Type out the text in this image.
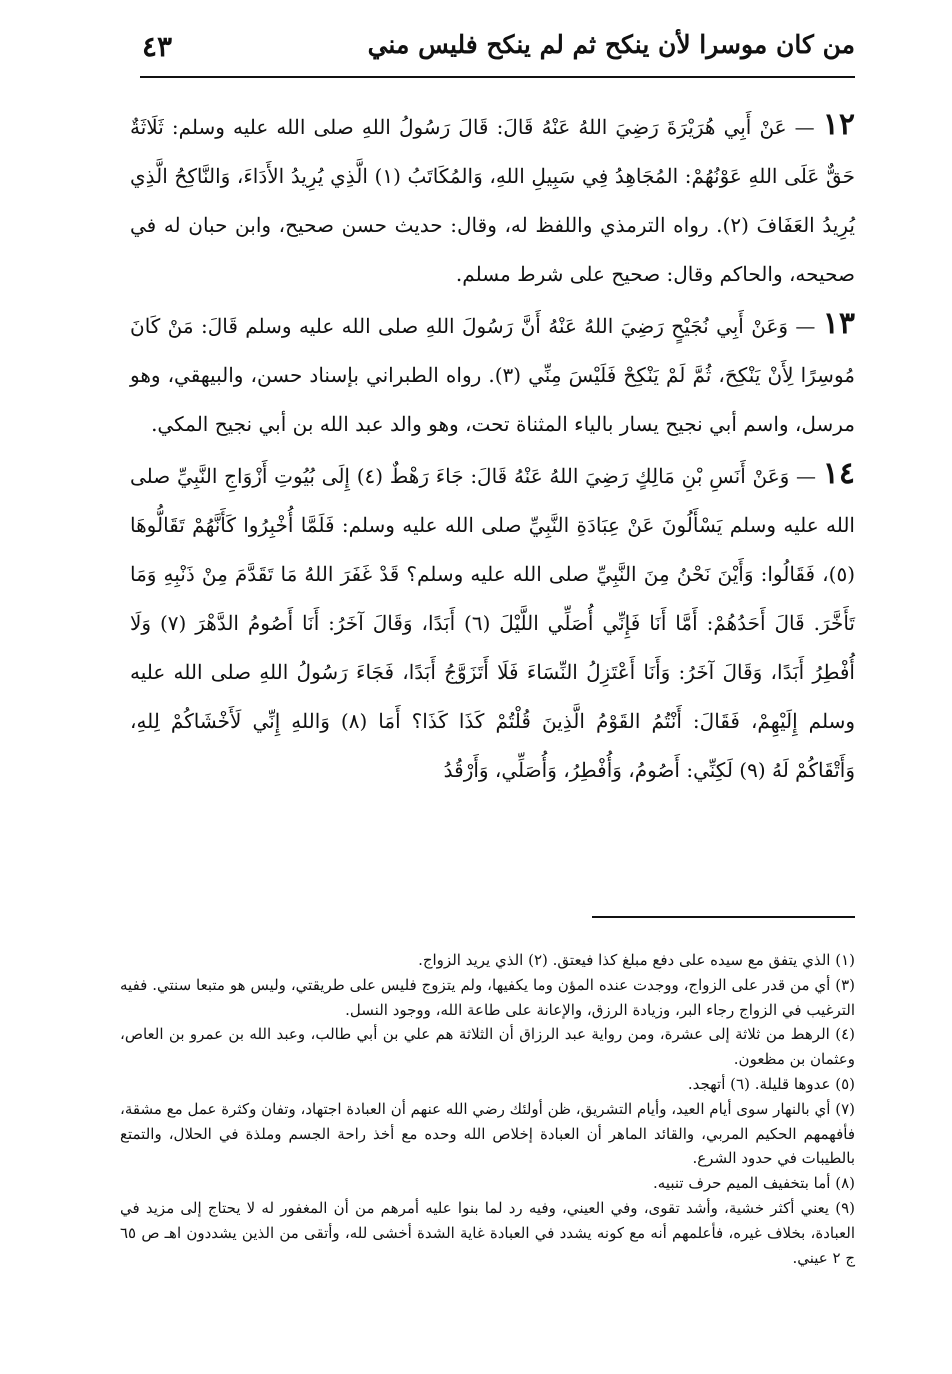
٤٣	من كان موسرا لأن ينكح ثم لم ينكح فليس مني

١٢ — عَنْ أَبِي هُرَيْرَةَ رَضِيَ اللهُ عَنْهُ قَالَ: قَالَ رَسُولُ اللهِ صلى الله عليه وسلم: ثَلَاثَةٌ حَقٌّ عَلَى اللهِ عَوْنُهُمْ: المُجَاهِدُ فِي سَبِيلِ اللهِ، وَالمُكَاتَبُ (١) الَّذِي يُرِيدُ الأَدَاءَ، وَالنَّاكِحُ الَّذِي يُرِيدُ العَفَافَ (٢). رواه الترمذي واللفظ له، وقال: حديث حسن صحيح، وابن حبان له في صحيحه، والحاكم وقال: صحيح على شرط مسلم.

١٣ — وَعَنْ أَبِي نُجَيْحٍ رَضِيَ اللهُ عَنْهُ أَنَّ رَسُولَ اللهِ صلى الله عليه وسلم قَالَ: مَنْ كَانَ مُوسِرًا لِأَنْ يَنْكِحَ، ثُمَّ لَمْ يَنْكِحْ فَلَيْسَ مِنِّي (٣). رواه الطبراني بإسناد حسن، والبيهقي، وهو مرسل، واسم أبي نجيح يسار بالياء المثناة تحت، وهو والد عبد الله بن أبي نجيح المكي.

١٤ — وَعَنْ أَنَسِ بْنِ مَالِكٍ رَضِيَ اللهُ عَنْهُ قَالَ: جَاءَ رَهْطٌ (٤) إِلَى بُيُوتِ أَزْوَاجِ النَّبِيِّ صلى الله عليه وسلم يَسْأَلُونَ عَنْ عِبَادَةِ النَّبِيِّ صلى الله عليه وسلم: فَلَمَّا أُخْبِرُوا كَأَنَّهُمْ تَقَالُّوهَا (٥)، فَقَالُوا: وَأَيْنَ نَحْنُ مِنَ النَّبِيِّ صلى الله عليه وسلم؟ قَدْ غَفَرَ اللهُ مَا تَقَدَّمَ مِنْ ذَنْبِهِ وَمَا تَأَخَّرَ. قَالَ أَحَدُهُمْ: أَمَّا أَنَا فَإِنِّي أُصَلِّي اللَّيْلَ (٦) أَبَدًا، وَقَالَ آخَرُ: أَنَا أَصُومُ الدَّهْرَ (٧) وَلَا أُفْطِرُ أَبَدًا، وَقَالَ آخَرُ: وَأَنَا أَعْتَزِلُ النِّسَاءَ فَلَا أَتَزَوَّجُ أَبَدًا، فَجَاءَ رَسُولُ اللهِ صلى الله عليه وسلم إِلَيْهِمْ، فَقَالَ: أَنْتُمُ القَوْمُ الَّذِينَ قُلْتُمْ كَذَا كَذَا؟ أَمَا (٨) وَاللهِ إِنِّي لَأَخْشَاكُمْ لِلهِ، وَأَتْقَاكُمْ لَهُ (٩) لَكِنِّي: أَصُومُ، وَأُفْطِرُ، وَأُصَلِّي، وَأَرْقُدُ

(١) الذي يتفق مع سيده على دفع مبلغ كذا فيعتق. (٢) الذي يريد الزواج.

(٣) أي من قدر على الزواج، ووجدت عنده المؤن وما يكفيها، ولم يتزوج فليس على طريقتي، وليس هو متبعا سنتي. ففيه الترغيب في الزواج رجاء البر، وزيادة الرزق، والإعانة على طاعة الله، ووجود النسل.

(٤) الرهط من ثلاثة إلى عشرة، ومن رواية عبد الرزاق أن الثلاثة هم علي بن أبي طالب، وعبد الله بن عمرو بن العاص، وعثمان بن مظعون.

(٥) عدوها قليلة. (٦) أتهجد.

(٧) أي بالنهار سوى أيام العيد، وأيام التشريق، ظن أولئك رضي الله عنهم أن العبادة اجتهاد، وتفان وكثرة عمل مع مشقة، فأفهمهم الحكيم المربي، والقائد الماهر أن العبادة إخلاص الله وحده مع أخذ راحة الجسم وملذة في الحلال، والتمتع بالطيبات في حدود الشرع.

(٨) أما بتخفيف الميم حرف تنبيه.

(٩) يعني أكثر خشية، وأشد تقوى، وفي العيني، وفيه رد لما بنوا عليه أمرهم من أن المغفور له لا يحتاج إلى مزيد في العبادة، بخلاف غيره، فأعلمهم أنه مع كونه يشدد في العبادة غاية الشدة أخشى لله، وأتقى من الذين يشددون اهـ ص ٦٥ ج ٢ عيني.
